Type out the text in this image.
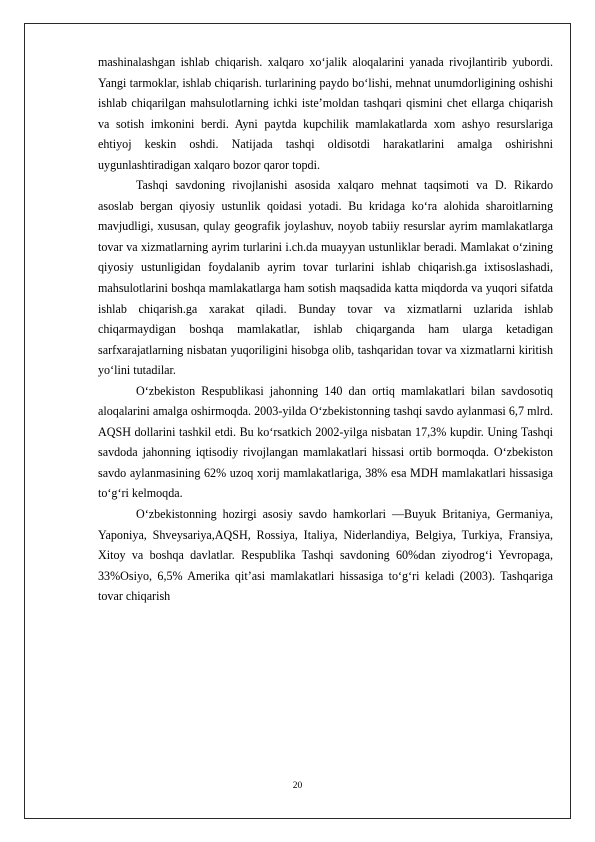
mashinalashgan ishlab chiqarish. xalqaro xo‘jalik aloqalarini yanada rivojlantirib yubordi. Yangi tarmoklar, ishlab chiqarish. turlarining paydo bo‘lishi, mehnat unumdorligining oshishi ishlab chiqarilgan mahsulotlarning ichki iste’moldan tashqari qismini chet ellarga chiqarish va sotish imkonini berdi. Ayni paytda kupchilik mamlakatlarda xom ashyo resurslariga ehtiyoj keskin oshdi. Natijada tashqi oldisotdi harakatlarini amalga oshirishni uygunlashtiradigan xalqaro bozor qaror topdi.

Tashqi savdoning rivojlanishi asosida xalqaro mehnat taqsimoti va D. Rikardo asoslab bergan qiyosiy ustunlik qoidasi yotadi. Bu kridaga ko‘ra alohida sharoitlarning mavjudligi, xususan, qulay geografik joylashuv, noyob tabiiy resurslar ayrim mamlakatlarga tovar va xizmatlarning ayrim turlarini i.ch.da muayyan ustunliklar beradi. Mamlakat o‘zining qiyosiy ustunligidan foydalanib ayrim tovar turlarini ishlab chiqarish.ga ixtisoslashadi, mahsulotlarini boshqa mamlakatlarga ham sotish maqsadida katta miqdorda va yuqori sifatda ishlab chiqarish.ga xarakat qiladi. Bunday tovar va xizmatlarni uzlarida ishlab chiqarmaydigan boshqa mamlakatlar, ishlab chiqarganda ham ularga ketadigan sarfxarajatlarning nisbatan yuqoriligini hisobga olib, tashqaridan tovar va xizmatlarni kiritish yo‘lini tutadilar.

O‘zbekiston Respublikasi jahonning 140 dan ortiq mamlakatlari bilan savdosotiq aloqalarini amalga oshirmoqda. 2003-yilda O‘zbekistonning tashqi savdo aylanmasi 6,7 mlrd. AQSH dollarini tashkil etdi. Bu ko‘rsatkich 2002-yilga nisbatan 17,3% kupdir. Uning Tashqi savdoda jahonning iqtisodiy rivojlangan mamlakatlari hissasi ortib bormoqda. O‘zbekiston savdo aylanmasining 62% uzoq xorij mamlakatlariga, 38% esa MDH mamlakatlari hissasiga to‘g‘ri kelmoqda.

O‘zbekistonning hozirgi asosiy savdo hamkorlari —Buyuk Britaniya, Germaniya, Yaponiya, Shveysariya,AQSH, Rossiya, Italiya, Niderlandiya, Belgiya, Turkiya, Fransiya, Xitoy va boshqa davlatlar. Respublika Tashqi savdoning 60%dan ziyodrog‘i Yevropaga, 33%Osiyo, 6,5% Amerika qit’asi mamlakatlari hissasiga to‘g‘ri keladi (2003). Tashqariga tovar chiqarish

20
